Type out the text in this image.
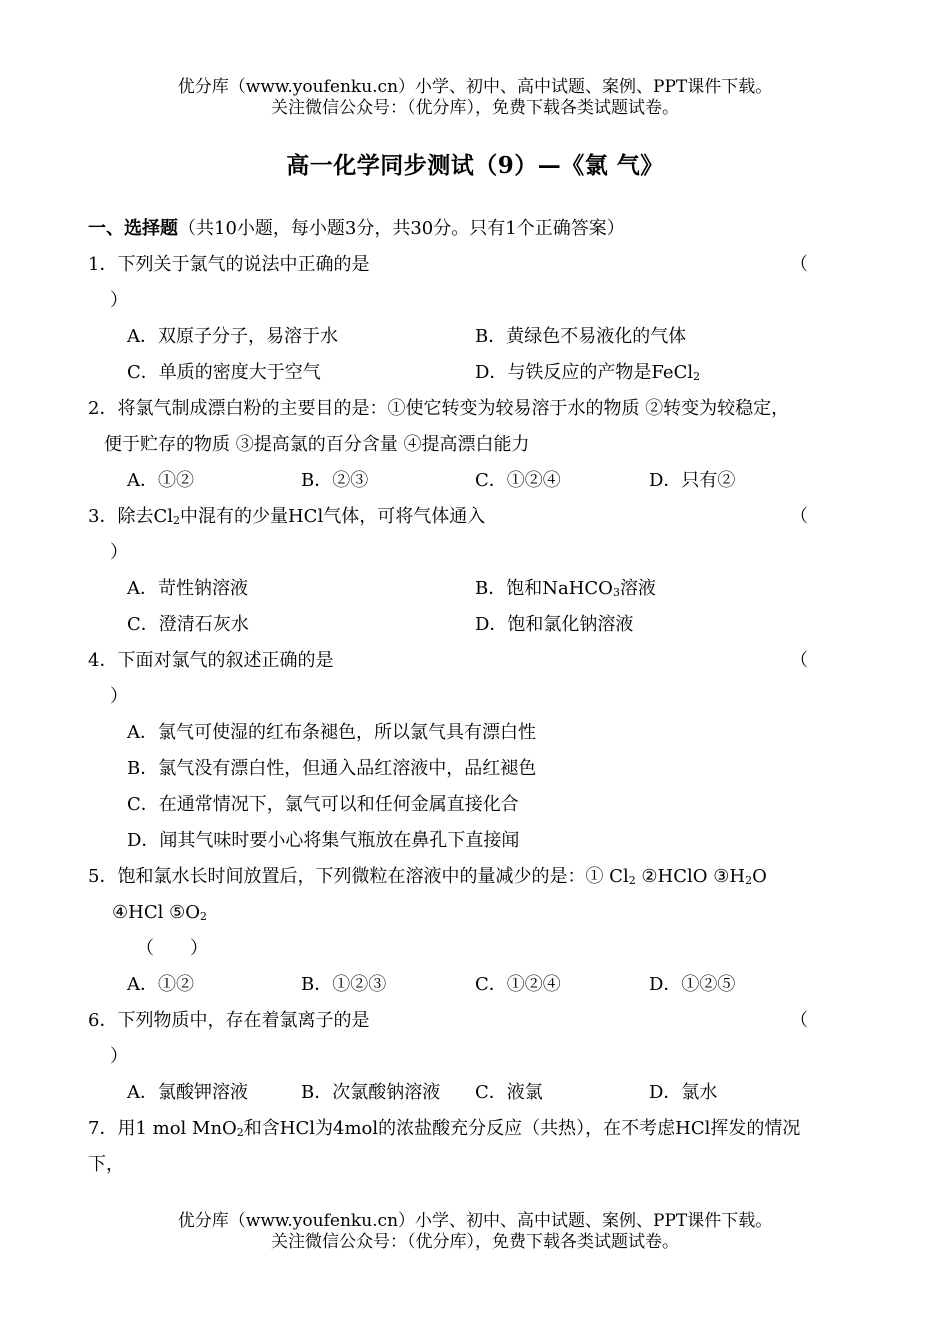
优分库（www.youfenku.cn）小学、初中、高中试题、案例、PPT课件下载。
关注微信公众号：（优分库），免费下载各类试题试卷。
高一化学同步测试（9）—《氯 气》
一、选择题（共10小题，每小题3分，共30分。只有1个正确答案）
1．下列关于氯气的说法中正确的是	（
）
A．双原子分子，易溶于水	B．黄绿色不易液化的气体
C．单质的密度大于空气	D．与铁反应的产物是FeCl$_2$
2．将氯气制成漂白粉的主要目的是：①使它转变为较易溶于水的物质 ②转变为较稳定，
便于贮存的物质 ③提高氯的百分含量 ④提高漂白能力
A．①②	B．②③	C．①②④	D．只有②
3．除去$Cl_2$中混有的少量HCl气体，可将气体通入	（
）
A．苛性钠溶液	B．饱和NaHCO$_3$溶液
C．澄清石灰水	D．饱和氯化钠溶液
4．下面对氯气的叙述正确的是	（
）
A．氯气可使湿的红布条褪色，所以氯气具有漂白性
B．氯气没有漂白性，但通入品红溶液中，品红褪色
C．在通常情况下，氯气可以和任何金属直接化合
D．闻其气味时要小心将集气瓶放在鼻孔下直接闻
5．饱和氯水长时间放置后，下列微粒在溶液中的量减少的是：① $Cl_2$ ②HClO $③H_2O$
④HCl $⑤O_2$
（　　）
A．①②	B．①②③	C．①②④	D．①②⑤
6．下列物质中，存在着氯离子的是	（
）
A．氯酸钾溶液	B．次氯酸钠溶液 C．液氯	D．氯水
7．用1 mol MnO$_2$和含HCl为4mol的浓盐酸充分反应（共热），在不考虑HCl挥发的情况
下，
优分库（www.youfenku.cn）小学、初中、高中试题、案例、PPT课件下载。
关注微信公众号：（优分库），免费下载各类试题试卷。
